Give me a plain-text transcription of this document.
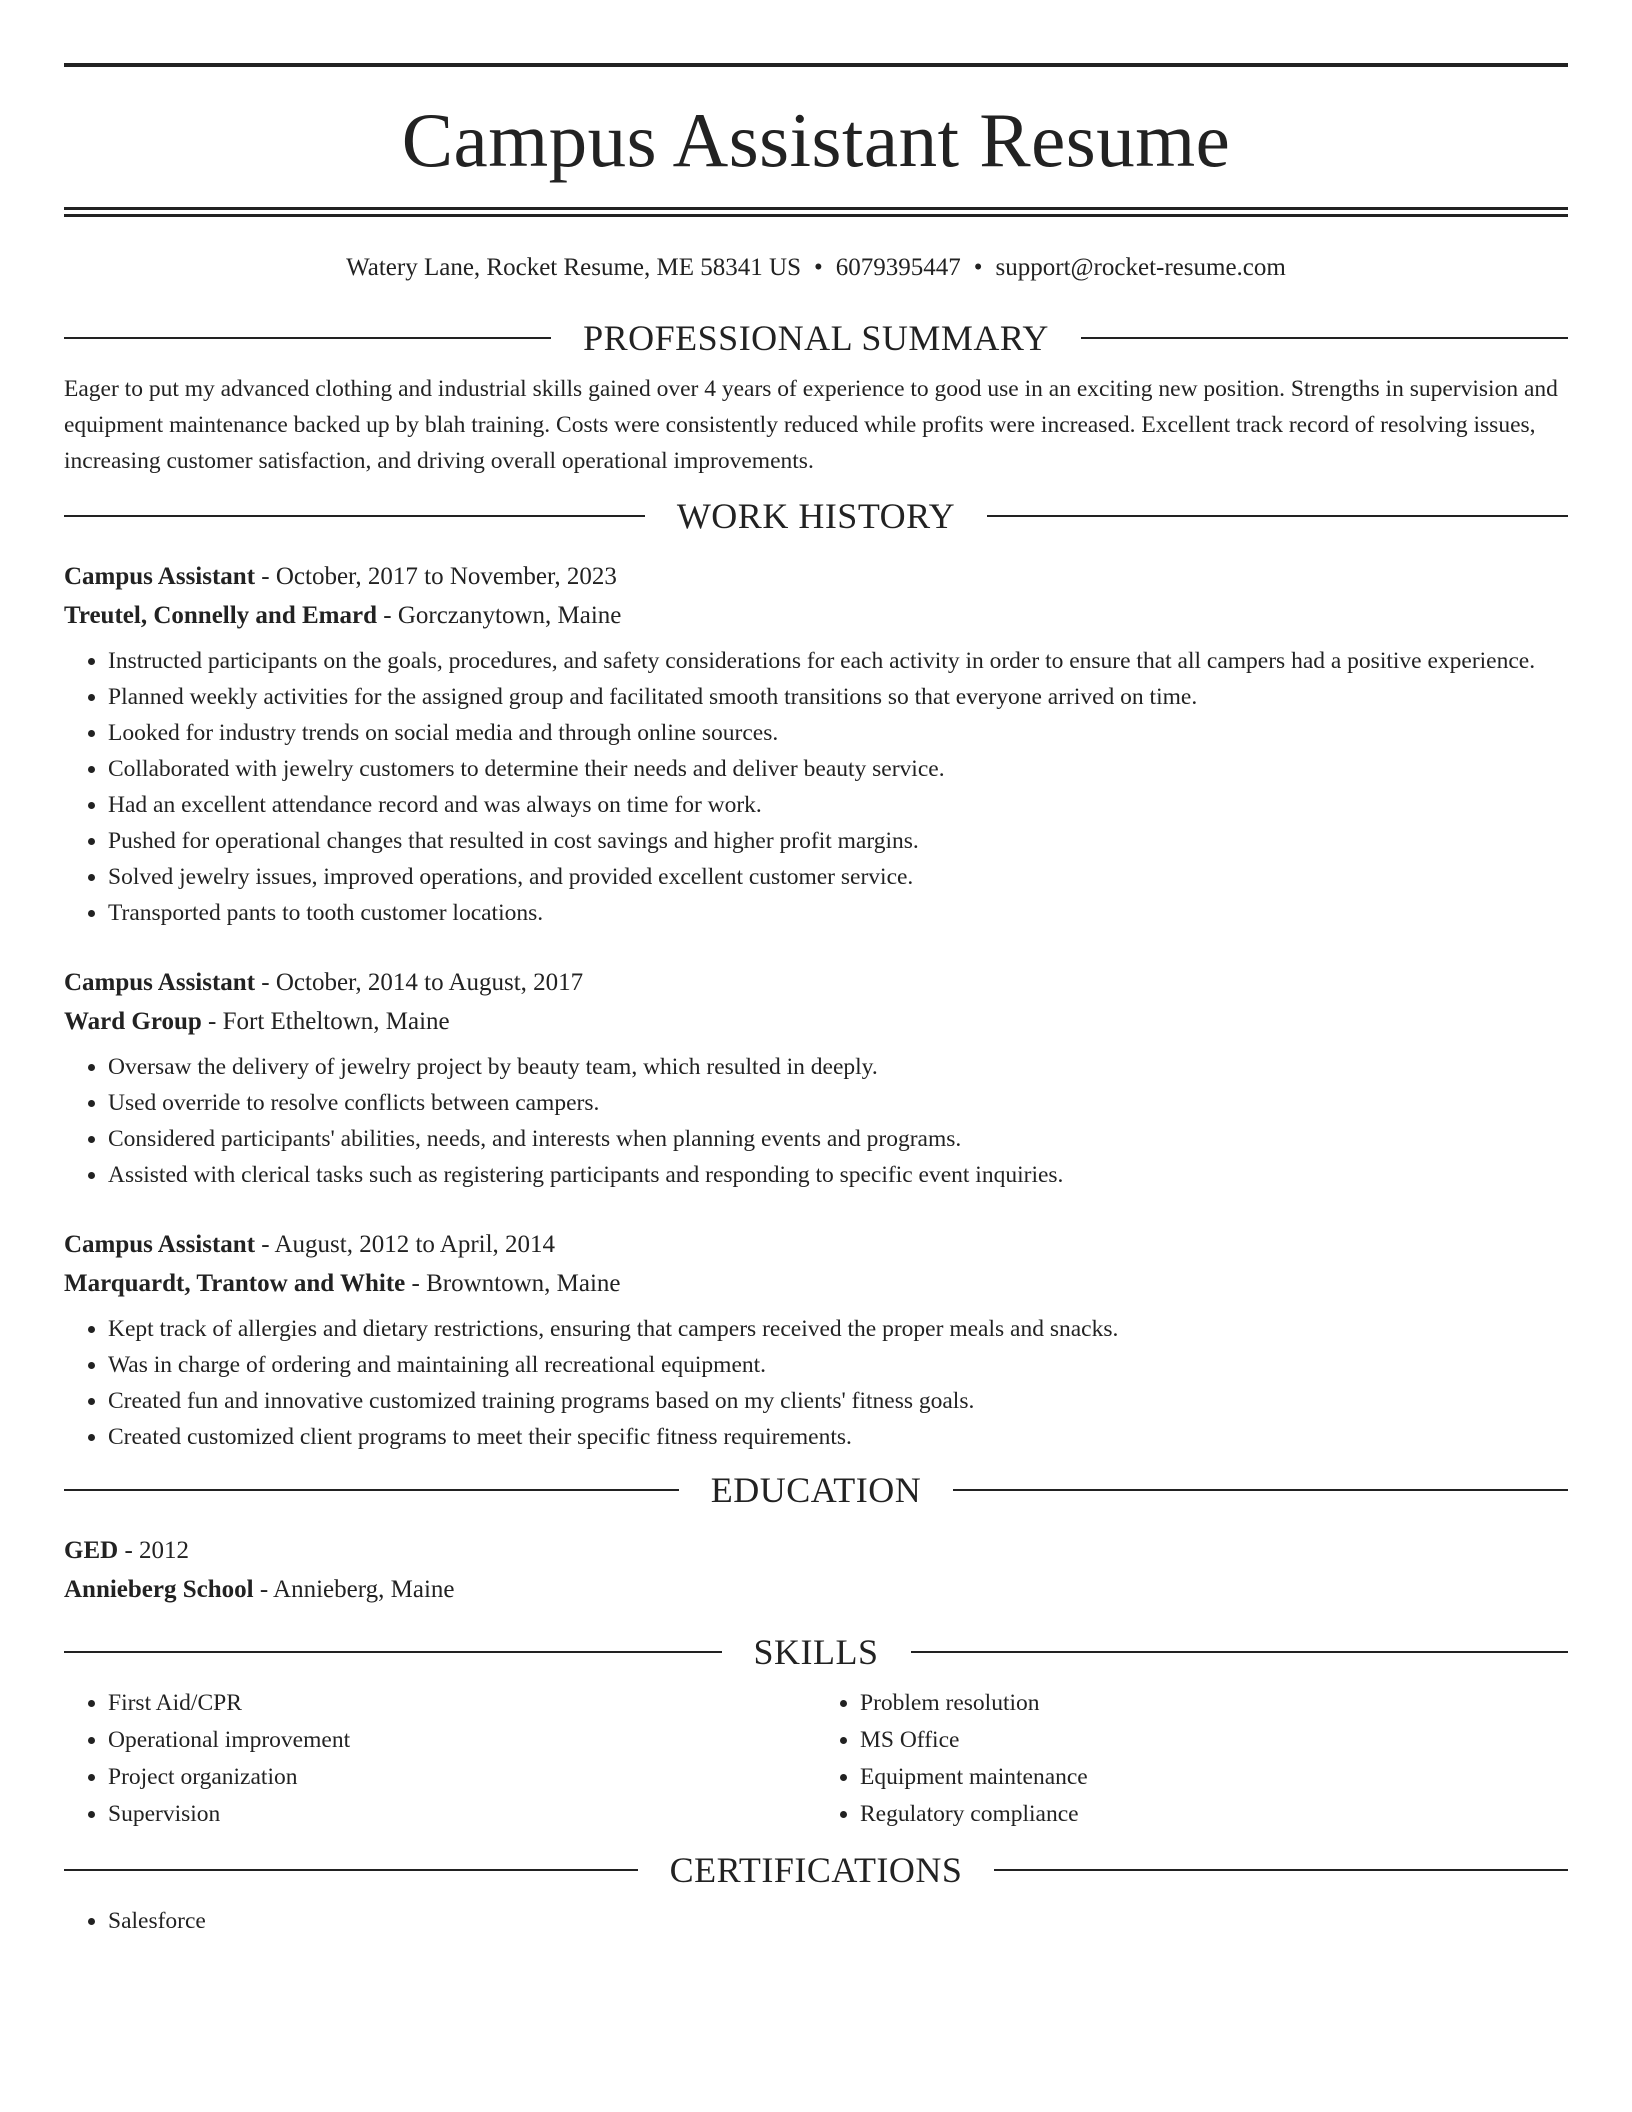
Campus Assistant Resume
Watery Lane, Rocket Resume, ME 58341 US • 6079395447 • support@rocket-resume.com
PROFESSIONAL SUMMARY
Eager to put my advanced clothing and industrial skills gained over 4 years of experience to good use in an exciting new position. Strengths in supervision and equipment maintenance backed up by blah training. Costs were consistently reduced while profits were increased. Excellent track record of resolving issues, increasing customer satisfaction, and driving overall operational improvements.
WORK HISTORY
Campus Assistant - October, 2017 to November, 2023
Treutel, Connelly and Emard - Gorczanytown, Maine
• Instructed participants on the goals, procedures, and safety considerations for each activity in order to ensure that all campers had a positive experience.
• Planned weekly activities for the assigned group and facilitated smooth transitions so that everyone arrived on time.
• Looked for industry trends on social media and through online sources.
• Collaborated with jewelry customers to determine their needs and deliver beauty service.
• Had an excellent attendance record and was always on time for work.
• Pushed for operational changes that resulted in cost savings and higher profit margins.
• Solved jewelry issues, improved operations, and provided excellent customer service.
• Transported pants to tooth customer locations.
Campus Assistant - October, 2014 to August, 2017
Ward Group - Fort Etheltown, Maine
• Oversaw the delivery of jewelry project by beauty team, which resulted in deeply.
• Used override to resolve conflicts between campers.
• Considered participants' abilities, needs, and interests when planning events and programs.
• Assisted with clerical tasks such as registering participants and responding to specific event inquiries.
Campus Assistant - August, 2012 to April, 2014
Marquardt, Trantow and White - Browntown, Maine
• Kept track of allergies and dietary restrictions, ensuring that campers received the proper meals and snacks.
• Was in charge of ordering and maintaining all recreational equipment.
• Created fun and innovative customized training programs based on my clients' fitness goals.
• Created customized client programs to meet their specific fitness requirements.
EDUCATION
GED - 2012
Annieberg School - Annieberg, Maine
SKILLS
• First Aid/CPR
• Operational improvement
• Project organization
• Supervision
• Problem resolution
• MS Office
• Equipment maintenance
• Regulatory compliance
CERTIFICATIONS
• Salesforce
